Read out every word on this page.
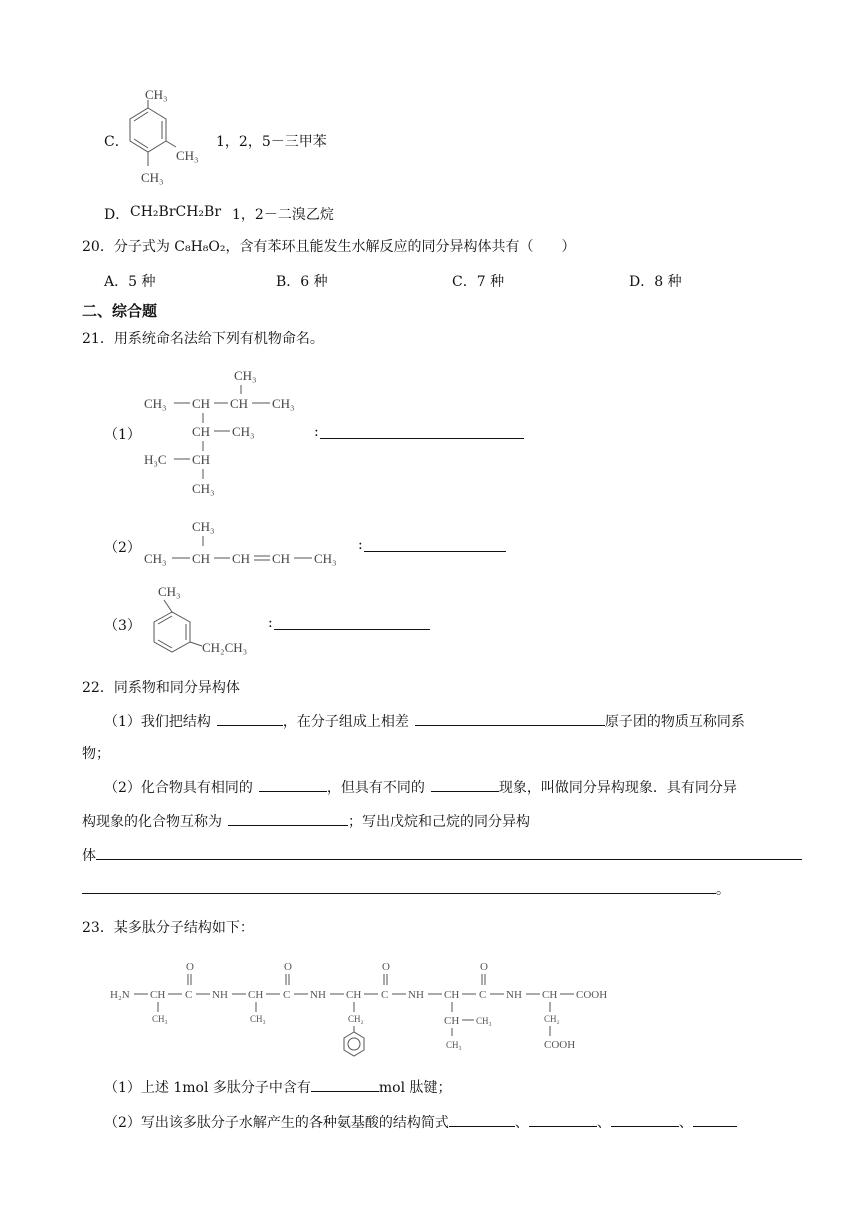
C．
CH₃
CH₃
CH₃
1，2，5－三甲苯
D． CH₂BrCH₂Br 1，2－二溴乙烷
20．分子式为 C₈H₈O₂，含有苯环且能发生水解反应的同分异构体共有（　　）
A．5 种	B．6 种	C．7 种	D．8 种
二、综合题
21．用系统命名法给下列有机物命名。
（1）
CH₃
CH₃ CH CH CH₃
CH CH₃
H₃C CH
CH₃
:
（2）
CH₃
CH₃ CH CH CH CH₃
:
（3）
CH₃
CH₂CH₃
:
22．同系物和同分异构体
（1）我们把结构	，在分子组成上相差	原子团的物质互称同系
物；
（2）化合物具有相同的	，但具有不同的	现象，叫做同分异构现象．具有同分异
构现象的化合物互称为	；写出戊烷和己烷的同分异构
体
。
23．某多肽分子结构如下：
H₂N CH C NH CH C NH CH C NH CH C NH CH COOH
O	O	O	O
CH₃	CH₃	CH₂	CH CH₃
CH₃
CH₂
COOH
（1）上述 1mol 多肽分子中含有	mol 肽键；
（2）写出该多肽分子水解产生的各种氨基酸的结构简式	、	、	、
